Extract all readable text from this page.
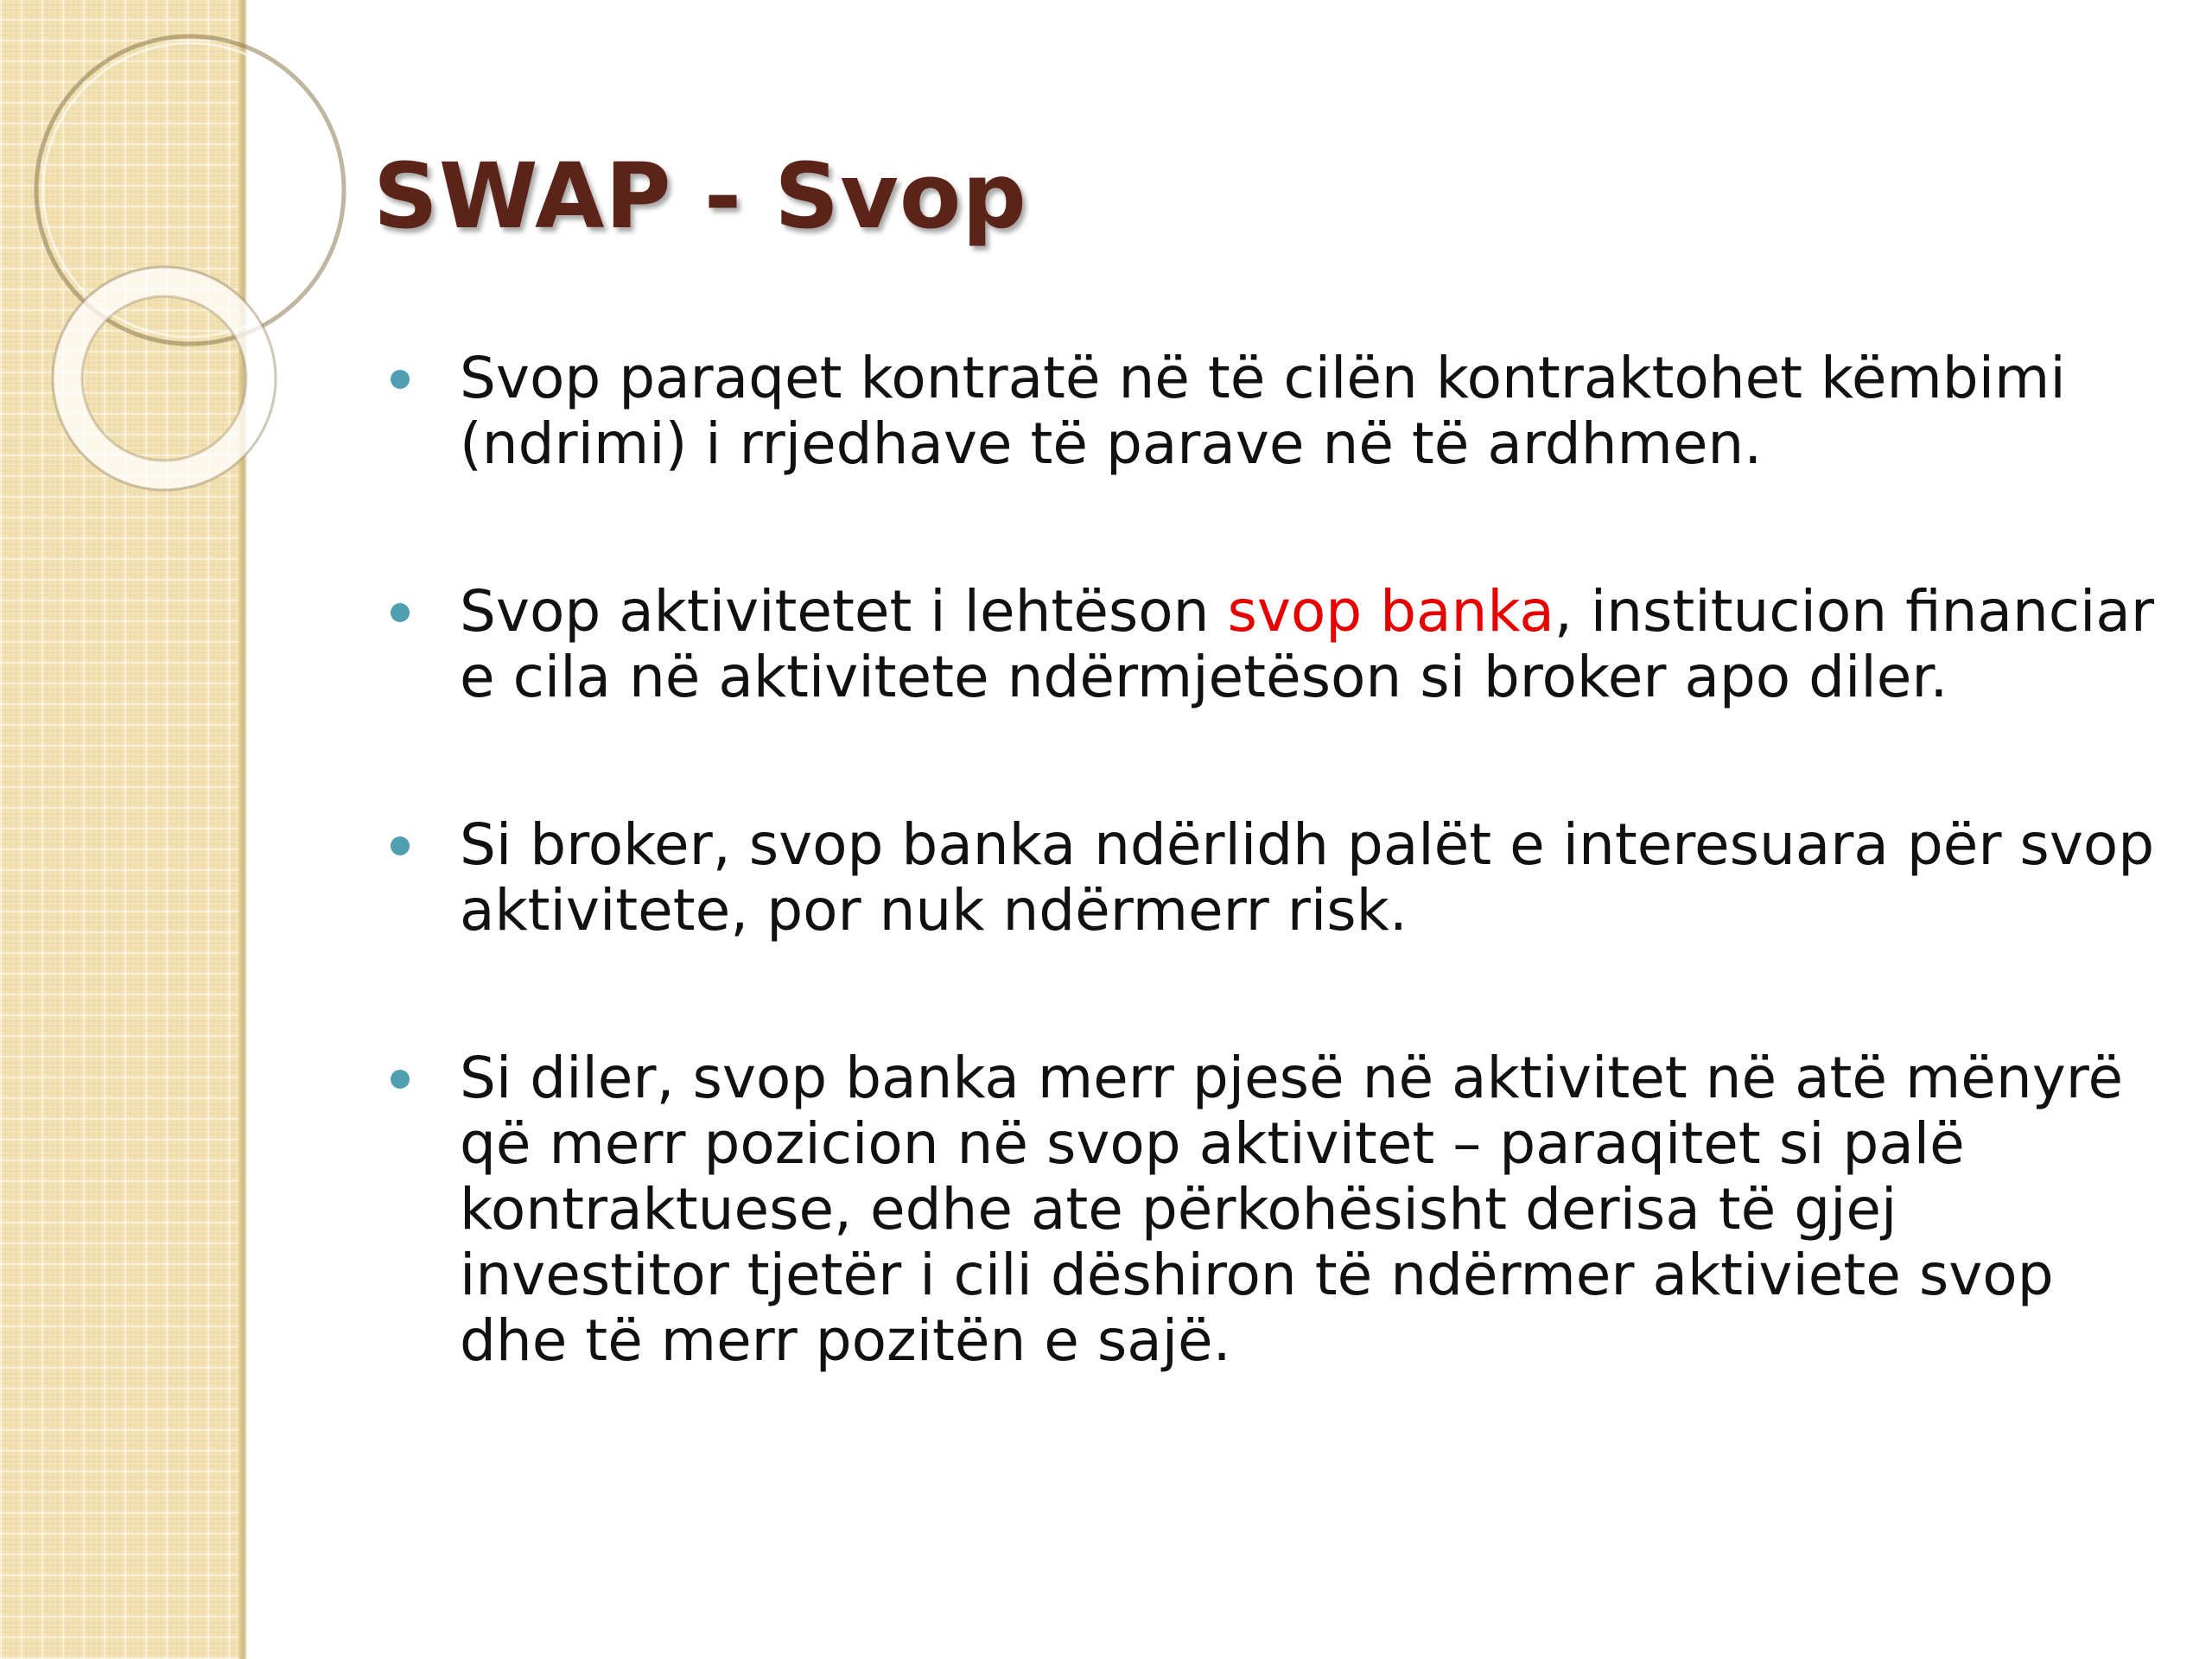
SWAP - Svop
Svop paraqet kontratë në të cilën kontraktohet këmbimi (ndrimi) i rrjedhave të parave në të ardhmen.
Svop aktivitetet i lehtëson svop banka, institucion financiar e cila në aktivitete ndërmjetëson si broker apo diler.
Si broker, svop banka ndërlidh palët e interesuara për svop aktivitete, por nuk ndërmerr risk.
Si diler, svop banka merr pjesë në aktivitet në atë mënyrë që merr pozicion në svop aktivitet – paraqitet si palë kontraktuese, edhe ate përkohësisht derisa të gjej investitor tjetër i cili dëshiron të ndërmer aktiviete svop dhe të merr pozitën e sajë.
